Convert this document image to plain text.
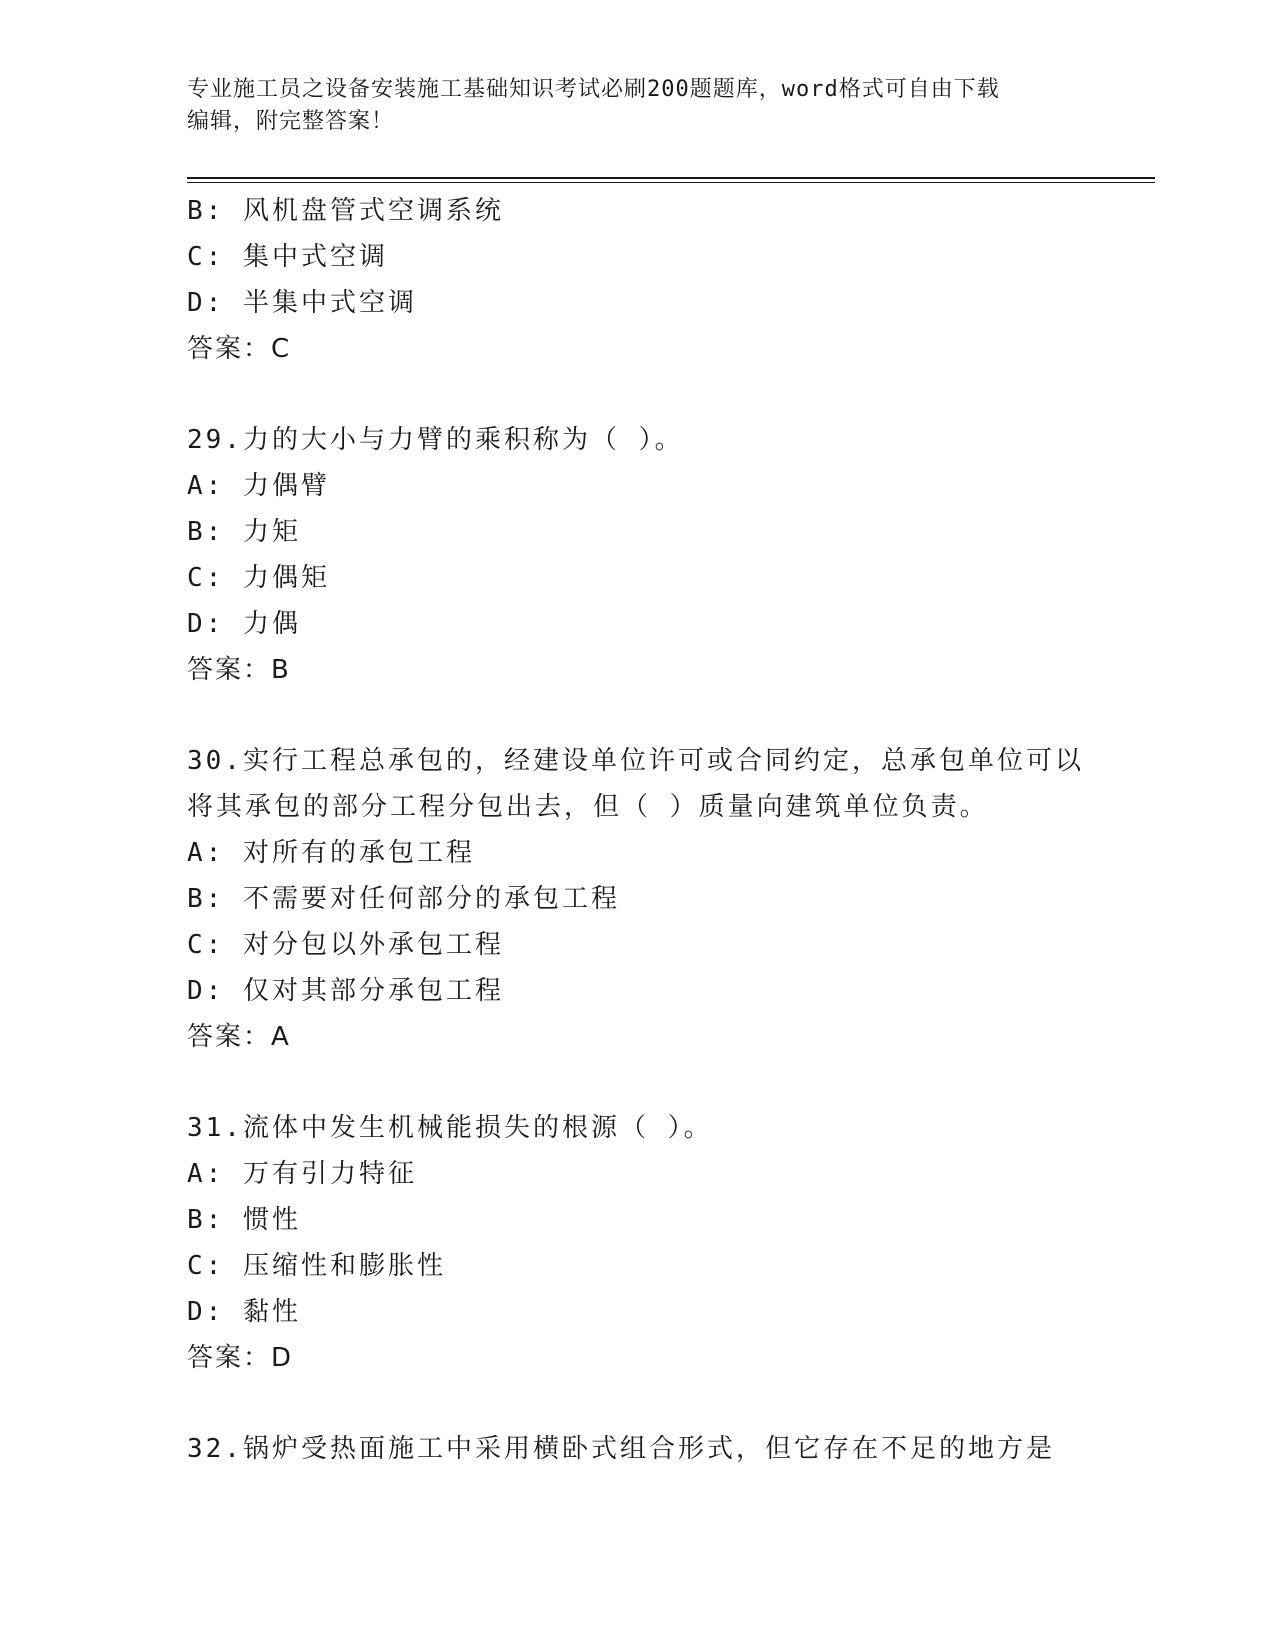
专业施工员之设备安装施工基础知识考试必刷200题题库，word格式可自由下载
编辑，附完整答案！
B: 风机盘管式空调系统
C: 集中式空调
D: 半集中式空调
答案：C
29.力的大小与力臂的乘积称为（ ）。
A: 力偶臂
B: 力矩
C: 力偶矩
D: 力偶
答案：B
30.实行工程总承包的，经建设单位许可或合同约定，总承包单位可以
将其承包的部分工程分包出去，但（ ）质量向建筑单位负责。
A: 对所有的承包工程
B: 不需要对任何部分的承包工程
C: 对分包以外承包工程
D: 仅对其部分承包工程
答案：A
31.流体中发生机械能损失的根源（ ）。
A: 万有引力特征
B: 惯性
C: 压缩性和膨胀性
D: 黏性
答案：D
32.锅炉受热面施工中采用横卧式组合形式，但它存在不足的地方是
